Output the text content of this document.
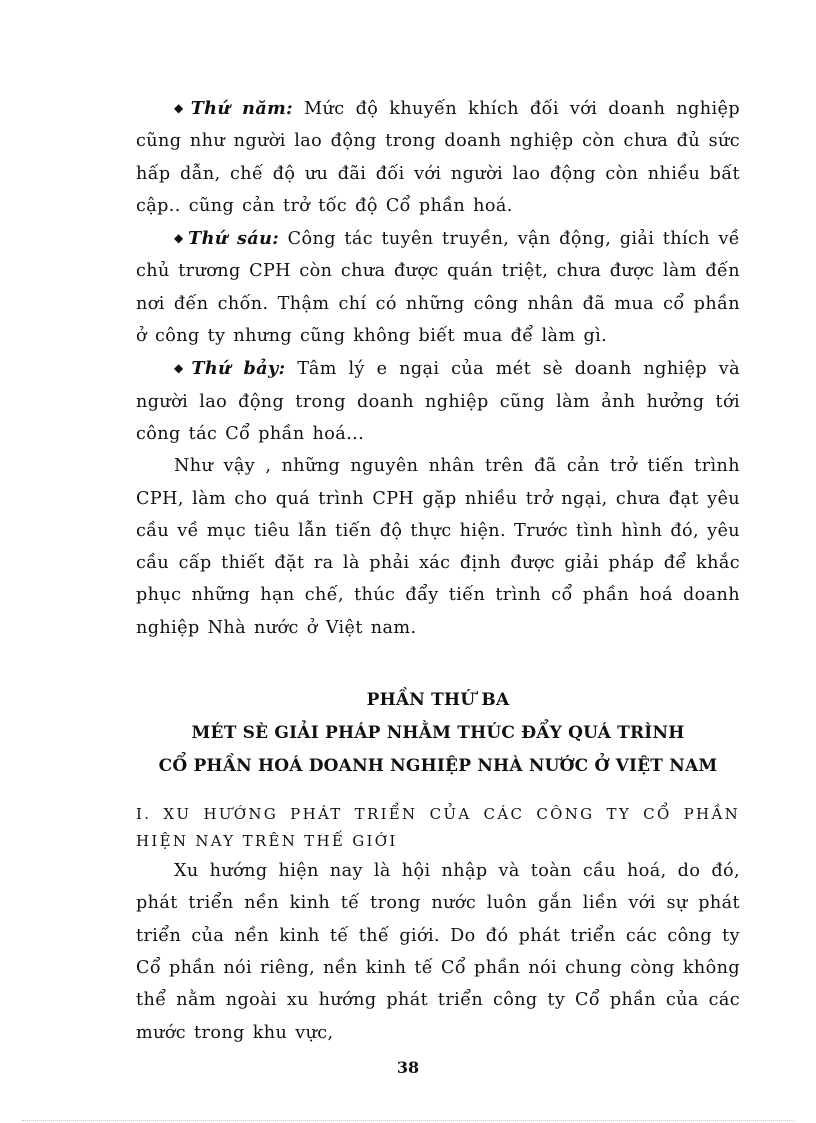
◆ Thứ năm: Mức độ khuyến khích đối với doanh nghiệp cũng như người lao động trong doanh nghiệp còn chưa đủ sức hấp dẫn, chế độ ưu đãi đối với người lao động còn nhiều bất cập.. cũng cản trở tốc độ Cổ phần hoá.

◆ Thứ sáu: Công tác tuyên truyền, vận động, giải thích về chủ trương CPH còn chưa được quán triệt, chưa được làm đến nơi đến chốn. Thậm chí có những công nhân đã mua cổ phần ở công ty nhưng cũng không biết mua để làm gì.

◆ Thứ bảy: Tâm lý e ngại của mét sè doanh nghiệp và người lao động trong doanh nghiệp cũng làm ảnh hưởng tới công tác Cổ phần hoá...

Như vậy , những nguyên nhân trên đã cản trở tiến trình CPH, làm cho quá trình CPH gặp nhiều trở ngại, chưa đạt yêu cầu về mục tiêu lẫn tiến độ thực hiện. Trước tình hình đó, yêu cầu cấp thiết đặt ra là phải xác định được giải pháp để khắc phục những hạn chế, thúc đẩy tiến trình cổ phần hoá doanh nghiệp Nhà nước ở Việt nam.

PHẦN THỨ BA
MÉT SÈ GIẢI PHÁP NHẰM THÚC ĐẨY QUÁ TRÌNH
CỔ PHẦN HOÁ DOANH NGHIỆP NHÀ NƯỚC Ở VIỆT NAM
I. XU HƯỚNG PHÁT TRIỂN CỦA CÁC CÔNG TY CỔ PHẦN HIỆN NAY TRÊN THẾ GIỚI

Xu hướng hiện nay là hội nhập và toàn cầu hoá, do đó, phát triển nền kinh tế trong nước luôn gắn liền với sự phát triển của nền kinh tế thế giới. Do đó phát triển các công ty Cổ phần nói riêng, nền kinh tế Cổ phần nói chung còng không thể nằm ngoài xu hướng phát triển công ty Cổ phần của các mước trong khu vực,

38
